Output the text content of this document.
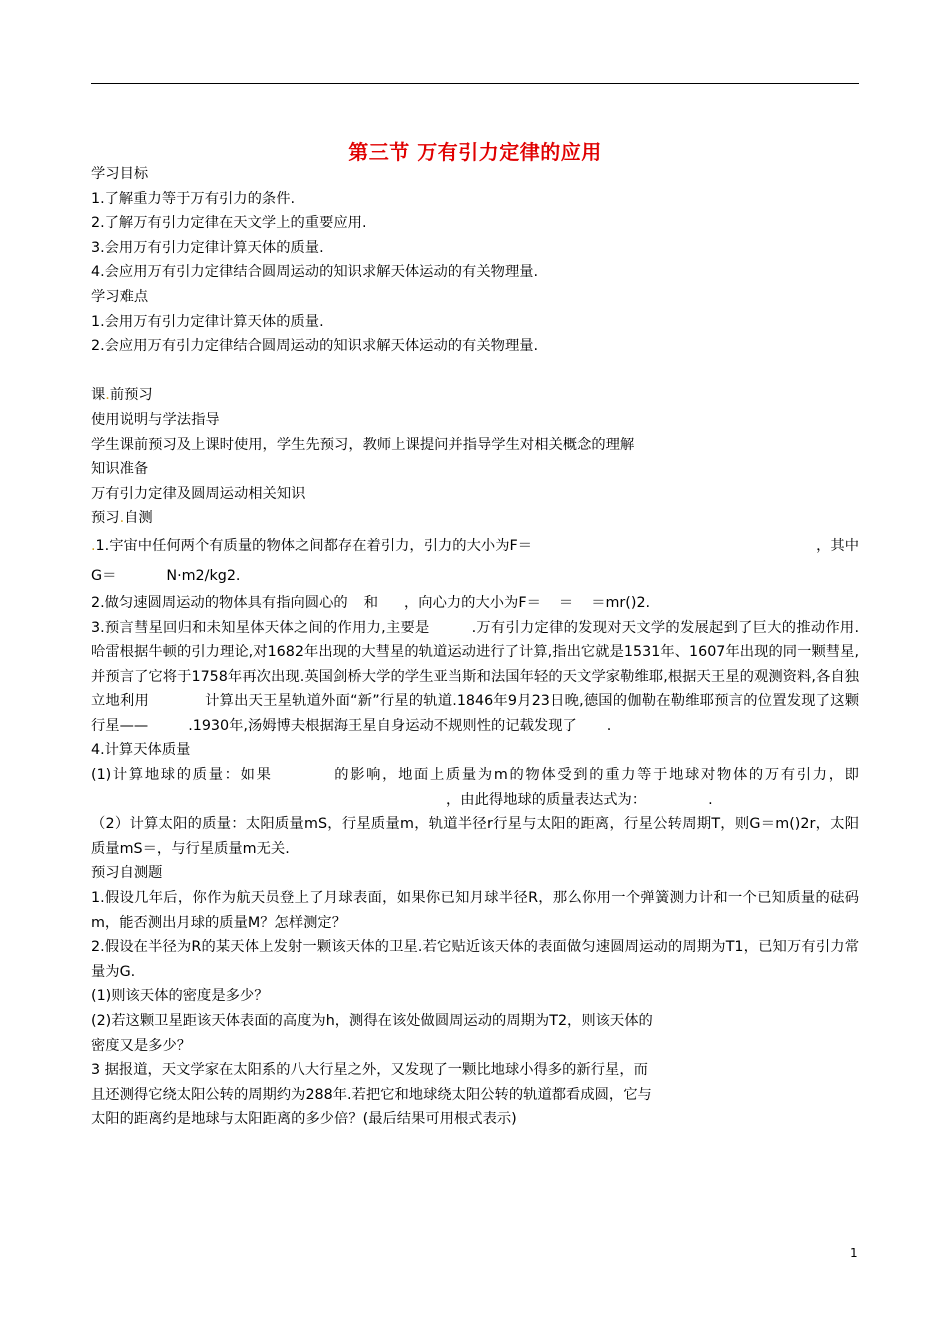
第三节 万有引力定律的应用

学习目标

1.了解重力等于万有引力的条件.

2.了解万有引力定律在天文学上的重要应用.

3.会用万有引力定律计算天体的质量.

4.会应用万有引力定律结合圆周运动的知识求解天体运动的有关物理量.

学习难点

1.会用万有引力定律计算天体的质量.

2.会应用万有引力定律结合圆周运动的知识求解天体运动的有关物理量.

课.前预习

使用说明与学法指导

学生课前预习及上课时使用，学生先预习，教师上课提问并指导学生对相关概念的理解

知识准备

万有引力定律及圆周运动相关知识

预习.自测

.1.宇宙中任何两个有质量的物体之间都存在着引力，引力的大小为F＝	，其中

G＝	N·m2/kg2.

2.做匀速圆周运动的物体具有指向圆心的 和 ，向心力的大小为F＝ ＝ ＝mr()2.

3.预言彗星回归和未知星体天体之间的作用力,主要是	.万有引力定律的发现对天文学的发展起到了巨大的推动作用.哈雷根据牛顿的引力理论,对1682年出现的大彗星的轨道运动进行了计算,指出它就是1531年、1607年出现的同一颗彗星,并预言了它将于1758年再次出现.英国剑桥大学的学生亚当斯和法国年轻的天文学家勒维耶,根据天王星的观测资料,各自独立地利用	计算出天王星轨道外面“新”行星的轨道.1846年9月23日晚,德国的伽勒在勒维耶预言的位置发现了这颗行星——	.1930年,汤姆博夫根据海王星自身运动不规则性的记载发现了 .

4.计算天体质量

(1)计算地球的质量：如果	的影响，地面上质量为m的物体受到的重力等于地球对物体的万有引力，即，由此得地球的质量表达式为：	.

（2）计算太阳的质量：太阳质量mS，行星质量m，轨道半径r行星与太阳的距离，行星公转周期T，则G＝m()2r，太阳质量mS＝，与行星质量m无关.

预习自测题

1.假设几年后，你作为航天员登上了月球表面，如果你已知月球半径R，那么你用一个弹簧测力计和一个已知质量的砝码m，能否测出月球的质量M？怎样测定？

2.假设在半径为R的某天体上发射一颗该天体的卫星.若它贴近该天体的表面做匀速圆周运动的周期为T1，已知万有引力常量为G.

(1)则该天体的密度是多少？

(2)若这颗卫星距该天体表面的高度为h，测得在该处做圆周运动的周期为T2，则该天体的

密度又是多少？

3 据报道，天文学家在太阳系的八大行星之外，又发现了一颗比地球小得多的新行星，而

且还测得它绕太阳公转的周期约为288年.若把它和地球绕太阳公转的轨道都看成圆，它与

太阳的距离约是地球与太阳距离的多少倍？(最后结果可用根式表示)

1
